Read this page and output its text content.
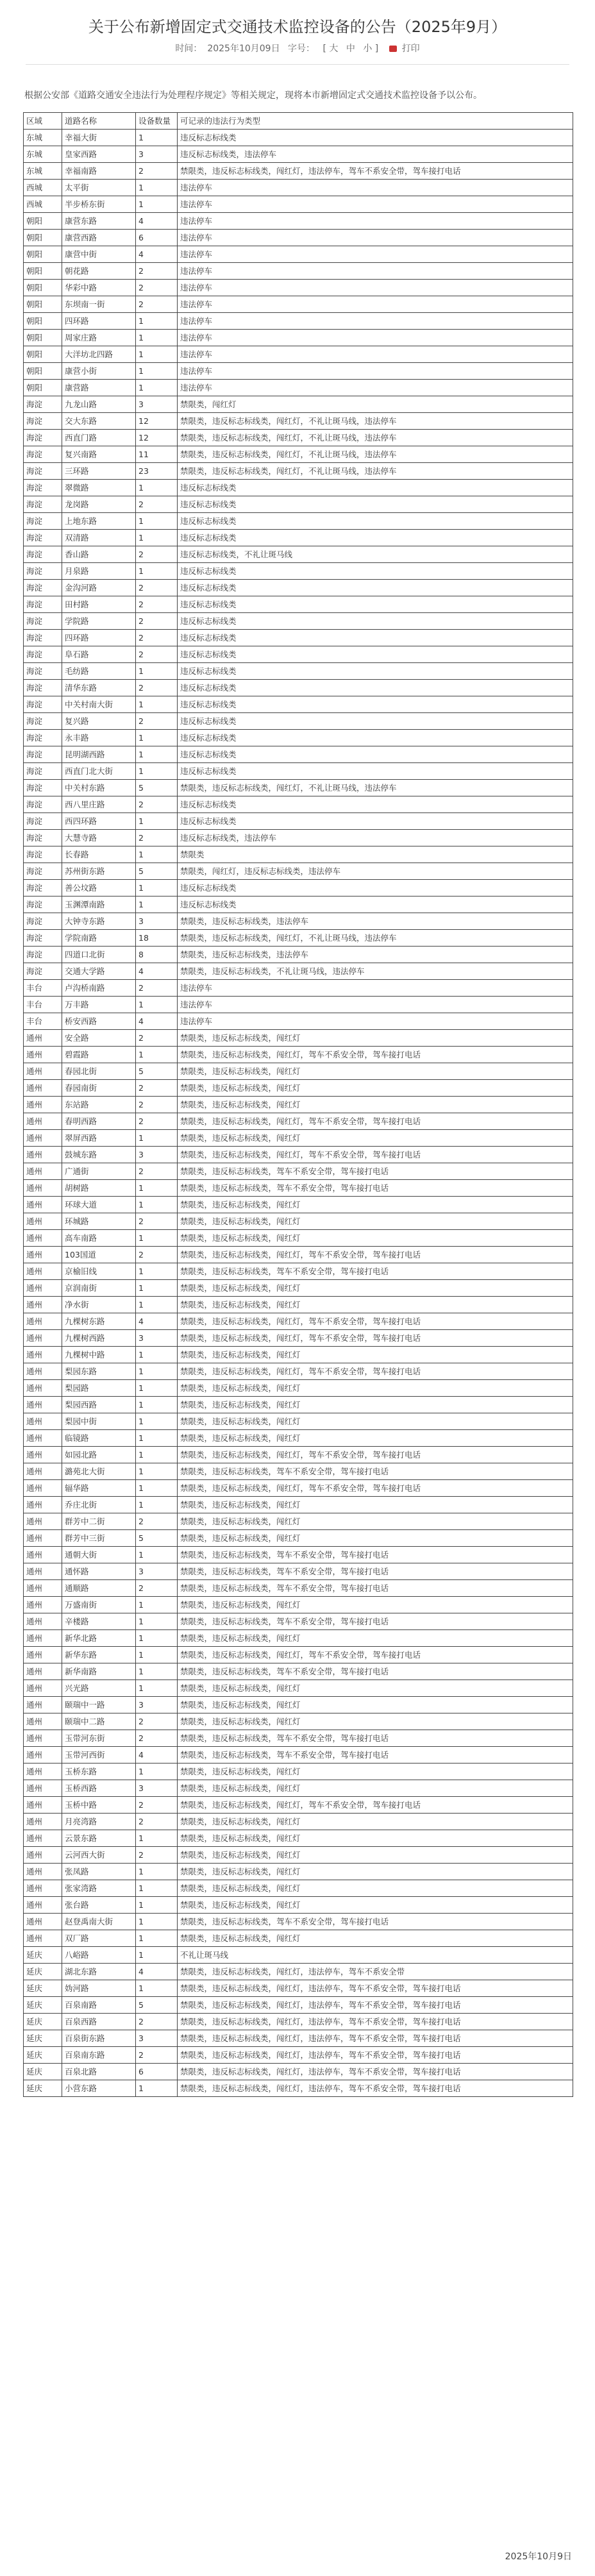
关于公布新增固定式交通技术监控设备的公告（2025年9月）
时间： 2025年10月09日 字号： [ 大 中 小 ]	打印
根据公安部《道路交通安全违法行为处理程序规定》等相关规定，现将本市新增固定式交通技术监控设备予以公布。
区域	道路名称	设备数量	可记录的违法行为类型
东城	幸福大街	1	违反标志标线类
东城	皇家西路	3	违反标志标线类，违法停车
东城	幸福南路	2	禁限类，违反标志标线类，闯红灯，违法停车，驾车不系安全带，驾车接打电话
西城	太平街	1	违法停车
西城	半步桥东街	1	违法停车
朝阳	康营东路	4	违法停车
朝阳	康营西路	6	违法停车
朝阳	康营中街	4	违法停车
朝阳	朝花路	2	违法停车
朝阳	华彩中路	2	违法停车
朝阳	东坝南一街	2	违法停车
朝阳	四环路	1	违法停车
朝阳	周家庄路	1	违法停车
朝阳	大洋坊北四路	1	违法停车
朝阳	康营小街	1	违法停车
朝阳	康营路	1	违法停车
海淀	九龙山路	3	禁限类，闯红灯
海淀	交大东路	12	禁限类，违反标志标线类，闯红灯，不礼让斑马线，违法停车
海淀	西直门路	12	禁限类，违反标志标线类，闯红灯，不礼让斑马线，违法停车
海淀	复兴南路	11	禁限类，违反标志标线类，闯红灯，不礼让斑马线，违法停车
海淀	三环路	23	禁限类，违反标志标线类，闯红灯，不礼让斑马线，违法停车
海淀	翠微路	1	违反标志标线类
海淀	龙岗路	2	违反标志标线类
海淀	上地东路	1	违反标志标线类
海淀	双清路	1	违反标志标线类
海淀	香山路	2	违反标志标线类，不礼让斑马线
海淀	月泉路	1	违反标志标线类
海淀	金沟河路	2	违反标志标线类
海淀	田村路	2	违反标志标线类
海淀	学院路	2	违反标志标线类
海淀	四环路	2	违反标志标线类
海淀	阜石路	2	违反标志标线类
海淀	毛纺路	1	违反标志标线类
海淀	清华东路	2	违反标志标线类
海淀	中关村南大街	1	违反标志标线类
海淀	复兴路	2	违反标志标线类
海淀	永丰路	1	违反标志标线类
海淀	昆明湖西路	1	违反标志标线类
海淀	西直门北大街	1	违反标志标线类
海淀	中关村东路	5	禁限类，违反标志标线类，闯红灯，不礼让斑马线，违法停车
海淀	西八里庄路	2	违反标志标线类
海淀	西四环路	1	违反标志标线类
海淀	大慧寺路	2	违反标志标线类，违法停车
海淀	长春路	1	禁限类
海淀	苏州街东路	5	禁限类，闯红灯，违反标志标线类，违法停车
海淀	善公坟路	1	违反标志标线类
海淀	玉渊潭南路	1	违反标志标线类
海淀	大钟寺东路	3	禁限类，违反标志标线类，违法停车
海淀	学院南路	18	禁限类，违反标志标线类，闯红灯，不礼让斑马线，违法停车
海淀	四道口北街	8	禁限类，违反标志标线类，违法停车
海淀	交通大学路	4	禁限类，违反标志标线类，不礼让斑马线，违法停车
丰台	卢沟桥南路	2	违法停车
丰台	万丰路	1	违法停车
丰台	桥安西路	4	违法停车
通州	安全路	2	禁限类，违反标志标线类，闯红灯
通州	碧霞路	1	禁限类，违反标志标线类，闯红灯，驾车不系安全带，驾车接打电话
通州	春园北街	5	禁限类，违反标志标线类，闯红灯
通州	春园南街	2	禁限类，违反标志标线类，闯红灯
通州	东站路	2	禁限类，违反标志标线类，闯红灯
通州	春明西路	2	禁限类，违反标志标线类，闯红灯，驾车不系安全带，驾车接打电话
通州	翠屏西路	1	禁限类，违反标志标线类，闯红灯
通州	鼓城东路	3	禁限类，违反标志标线类，闯红灯，驾车不系安全带，驾车接打电话
通州	广通街	2	禁限类，违反标志标线类，驾车不系安全带，驾车接打电话
通州	胡树路	1	禁限类，违反标志标线类，驾车不系安全带，驾车接打电话
通州	环球大道	1	禁限类，违反标志标线类，闯红灯
通州	环城路	2	禁限类，违反标志标线类，闯红灯
通州	高车南路	1	禁限类，违反标志标线类，闯红灯
通州	103国道	2	禁限类，违反标志标线类，闯红灯，驾车不系安全带，驾车接打电话
通州	京榆旧线	1	禁限类，违反标志标线类，驾车不系安全带，驾车接打电话
通州	京润南街	1	禁限类，违反标志标线类，闯红灯
通州	净水街	1	禁限类，违反标志标线类，闯红灯
通州	九棵树东路	4	禁限类，违反标志标线类，闯红灯，驾车不系安全带，驾车接打电话
通州	九棵树西路	3	禁限类，违反标志标线类，闯红灯，驾车不系安全带，驾车接打电话
通州	九棵树中路	1	禁限类，违反标志标线类，闯红灯
通州	梨园东路	1	禁限类，违反标志标线类，闯红灯，驾车不系安全带，驾车接打电话
通州	梨园路	1	禁限类，违反标志标线类，闯红灯
通州	梨园西路	1	禁限类，违反标志标线类，闯红灯
通州	梨园中街	1	禁限类，违反标志标线类，闯红灯
通州	临镜路	1	禁限类，违反标志标线类，闯红灯
通州	如园北路	1	禁限类，违反标志标线类，闯红灯，驾车不系安全带，驾车接打电话
通州	潞苑北大街	1	禁限类，违反标志标线类，驾车不系安全带，驾车接打电话
通州	辐华路	1	禁限类，违反标志标线类，闯红灯，驾车不系安全带，驾车接打电话
通州	乔庄北街	1	禁限类，违反标志标线类，闯红灯
通州	群芳中二街	2	禁限类，违反标志标线类，闯红灯
通州	群芳中三街	5	禁限类，违反标志标线类，闯红灯
通州	通朝大街	1	禁限类，违反标志标线类，驾车不系安全带，驾车接打电话
通州	通怀路	3	禁限类，违反标志标线类，驾车不系安全带，驾车接打电话
通州	通顺路	2	禁限类，违反标志标线类，驾车不系安全带，驾车接打电话
通州	万盛南街	1	禁限类，违反标志标线类，闯红灯
通州	辛楼路	1	禁限类，违反标志标线类，驾车不系安全带，驾车接打电话
通州	新华北路	1	禁限类，违反标志标线类，闯红灯
通州	新华东路	1	禁限类，违反标志标线类，闯红灯，驾车不系安全带，驾车接打电话
通州	新华南路	1	禁限类，违反标志标线类，驾车不系安全带，驾车接打电话
通州	兴光路	1	禁限类，违反标志标线类，闯红灯
通州	颐瑞中一路	3	禁限类，违反标志标线类，闯红灯
通州	颐瑞中二路	2	禁限类，违反标志标线类，闯红灯
通州	玉带河东街	2	禁限类，违反标志标线类，驾车不系安全带，驾车接打电话
通州	玉带河西街	4	禁限类，违反标志标线类，驾车不系安全带，驾车接打电话
通州	玉桥东路	1	禁限类，违反标志标线类，闯红灯
通州	玉桥西路	3	禁限类，违反标志标线类，闯红灯
通州	玉桥中路	2	禁限类，违反标志标线类，闯红灯，驾车不系安全带，驾车接打电话
通州	月亮湾路	2	禁限类，违反标志标线类，闯红灯
通州	云景东路	1	禁限类，违反标志标线类，闯红灯
通州	云河西大街	2	禁限类，违反标志标线类，闯红灯
通州	张凤路	1	禁限类，违反标志标线类，闯红灯
通州	张家湾路	1	禁限类，违反标志标线类，闯红灯
通州	张台路	1	禁限类，违反标志标线类，闯红灯
通州	赵登禹南大街	1	禁限类，违反标志标线类，驾车不系安全带，驾车接打电话
通州	双厂路	1	禁限类，违反标志标线类，闯红灯
延庆	八峪路	1	不礼让斑马线
延庆	湖北东路	4	禁限类，违反标志标线类，闯红灯，违法停车，驾车不系安全带
延庆	妫河路	1	禁限类，违反标志标线类，闯红灯，违法停车，驾车不系安全带，驾车接打电话
延庆	百泉南路	5	禁限类，违反标志标线类，闯红灯，违法停车，驾车不系安全带，驾车接打电话
延庆	百泉西路	2	禁限类，违反标志标线类，闯红灯，违法停车，驾车不系安全带，驾车接打电话
延庆	百泉街东路	3	禁限类，违反标志标线类，闯红灯，违法停车，驾车不系安全带，驾车接打电话
延庆	百泉南东路	2	禁限类，违反标志标线类，闯红灯，违法停车，驾车不系安全带，驾车接打电话
延庆	百泉北路	6	禁限类，违反标志标线类，闯红灯，违法停车，驾车不系安全带，驾车接打电话
延庆	小营东路	1	禁限类，违反标志标线类，闯红灯，违法停车，驾车不系安全带，驾车接打电话
2025年10月9日
